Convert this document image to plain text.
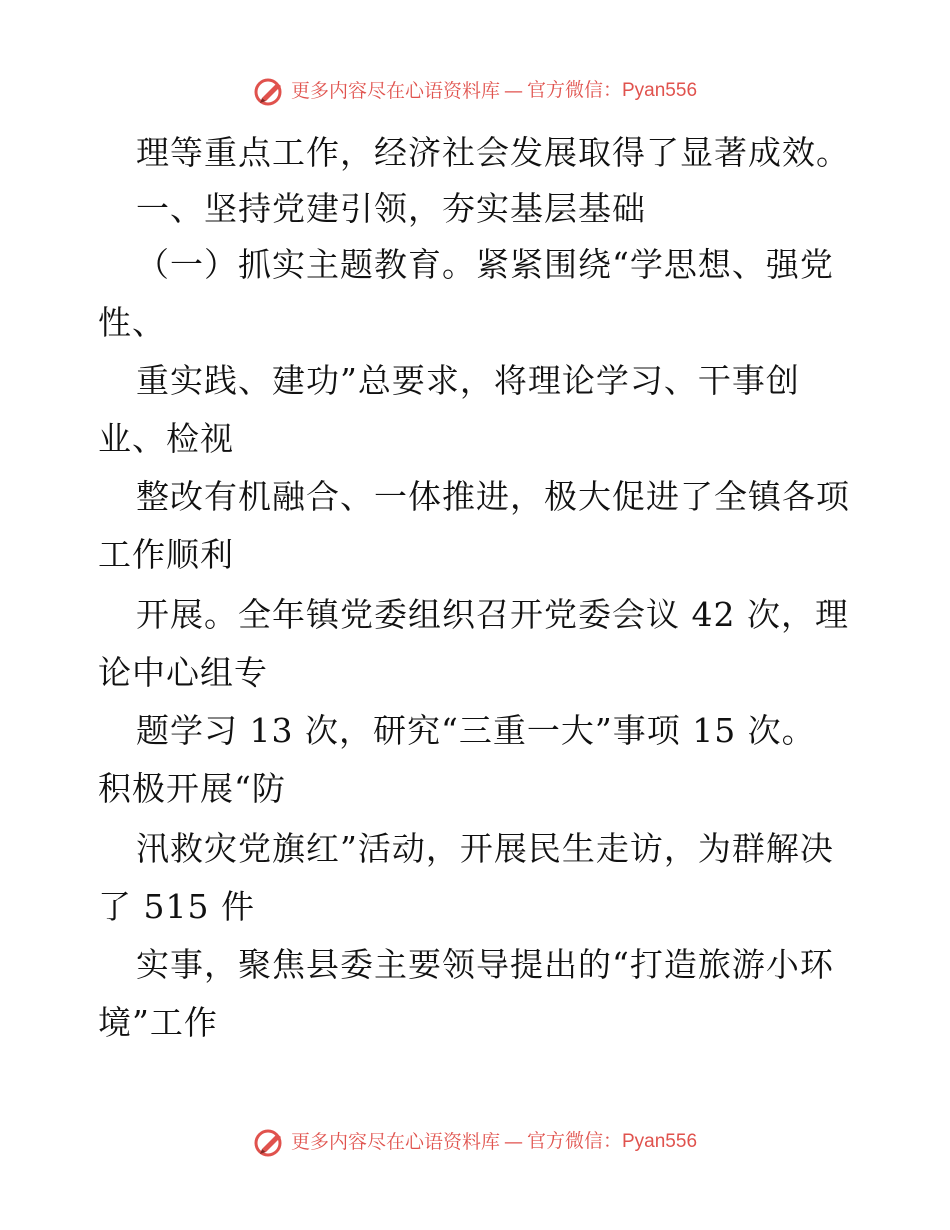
更多内容尽在心语资料库 — 官方微信：Pyan556
理等重点工作，经济社会发展取得了显著成效。
一、坚持党建引领，夯实基层基础
（一）抓实主题教育。紧紧围绕“学思想、强党
性、
重实践、建功”总要求，将理论学习、干事创
业、检视
整改有机融合、一体推进，极大促进了全镇各项
工作顺利
开展。全年镇党委组织召开党委会议 42 次，理
论中心组专
题学习 13 次，研究“三重一大”事项 15 次。
积极开展“防
汛救灾党旗红”活动，开展民生走访，为群解决
了 515 件
实事，聚焦县委主要领导提出的“打造旅游小环
境”工作
更多内容尽在心语资料库 — 官方微信：Pyan556
